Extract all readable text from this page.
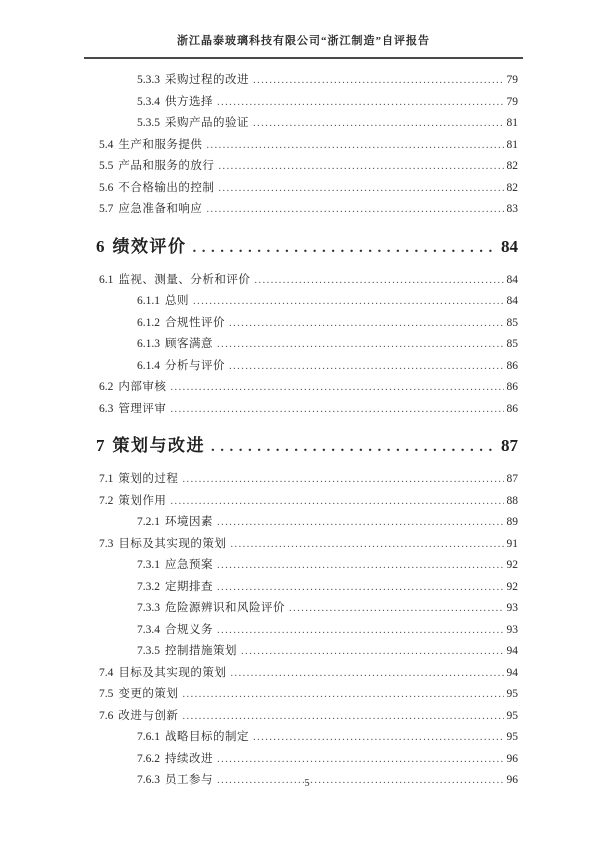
浙江晶泰玻璃科技有限公司“浙江制造”自评报告
5.3.3 采购过程的改进 .....	79
5.3.4 供方选择 .....	79
5.3.5 采购产品的验证 .....	81
5.4 生产和服务提供 .....	81
5.5 产品和服务的放行 .....	82
5.6 不合格输出的控制 .....	82
5.7 应急准备和响应 .....	83
6 绩效评价 .....	84
6.1 监视、测量、分析和评价 .....	84
6.1.1 总则 .....	84
6.1.2 合规性评价 .....	85
6.1.3 顾客满意 .....	85
6.1.4 分析与评价 .....	86
6.2 内部审核 .....	86
6.3 管理评审 .....	86
7 策划与改进 .....	87
7.1 策划的过程 .....	87
7.2 策划作用 .....	88
7.2.1 环境因素 .....	89
7.3 目标及其实现的策划 .....	91
7.3.1 应急预案 .....	92
7.3.2 定期排查 .....	92
7.3.3 危险源辨识和风险评价 .....	93
7.3.4 合规义务 .....	93
7.3.5 控制措施策划 .....	94
7.4 目标及其实现的策划 .....	94
7.5 变更的策划 .....	95
7.6 改进与创新 .....	95
7.6.1 战略目标的制定 .....	95
7.6.2 持续改进 .....	96
7.6.3 员工参与 .....	96
5
